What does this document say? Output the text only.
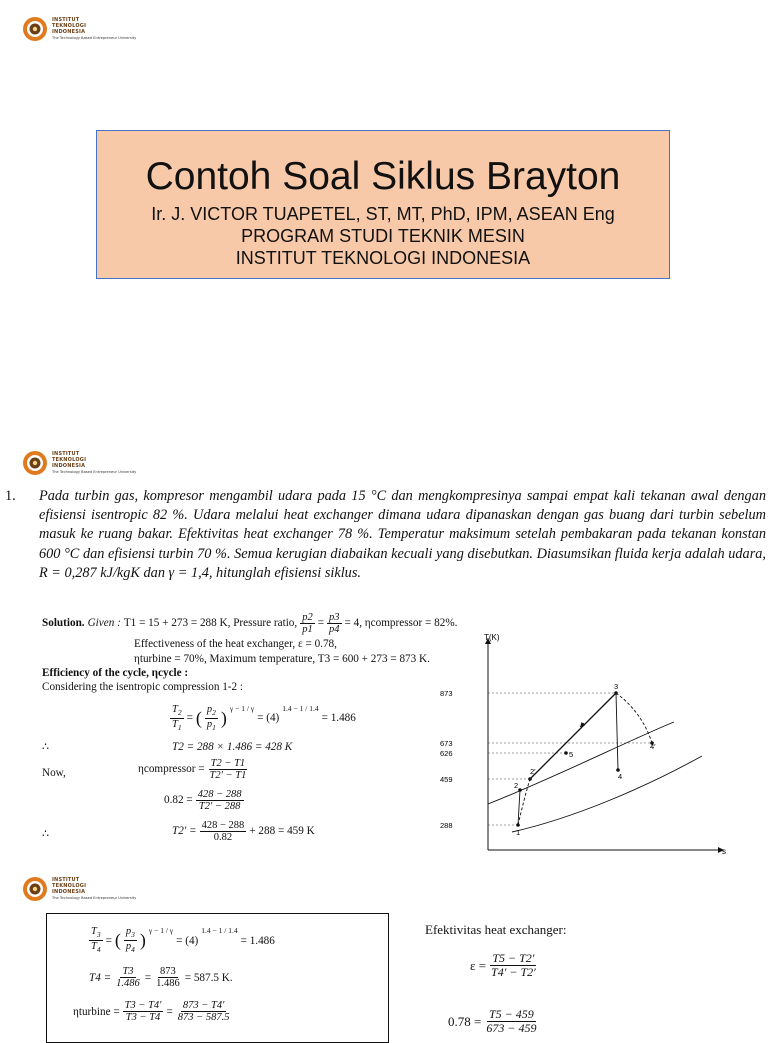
INSTITUT
TEKNOLOGI
INDONESIA
The Technology Based Entrepreneur University
Contoh Soal Siklus Brayton
Ir. J. VICTOR TUAPETEL, ST, MT, PhD, IPM, ASEAN Eng
PROGRAM STUDI TEKNIK MESIN
INSTITUT TEKNOLOGI INDONESIA
INSTITUT
TEKNOLOGI
INDONESIA
The Technology Based Entrepreneur University

1. Pada turbin gas, kompresor mengambil udara pada 15 °C dan mengkompresinya sampai empat kali tekanan awal dengan efisiensi isentropic 82 %. Udara melalui heat exchanger dimana udara dipanaskan dengan gas buang dari turbin sebelum masuk ke ruang bakar. Efektivitas heat exchanger 78 %. Temperatur maksimum setelah pembakaran pada tekanan konstan 600 °C dan efisiensi turbin 70 %. Semua kerugian diabaikan kecuali yang disebutkan. Diasumsikan fluida kerja adalah udara, R = 0,287 kJ/kgK dan γ = 1,4, hitunglah efisiensi siklus.

Solution. Given : T1 = 15 + 273 = 288 K, Pressure ratio, $\frac{p2}{p1} = \frac{p3}{p4} = 4$, ηcompressor = 82%.
Effectiveness of the heat exchanger, ε = 0.78,
ηturbine = 70%, Maximum temperature, T3 = 600 + 273 = 873 K.
Efficiency of the cycle, ηcycle :
Considering the isentropic compression 1-2 :
$\frac{T_2}{T_1}$ = ( $\frac{p_2}{p_1}$ ) γ − 1 / γ
= (4)
1.4 − 1 / 1.4
= 1.486
∴	T2 = 288 × 1.486 = 428 K
Now,	ηcompressor = $\frac{T2 - T1}{T2' - T1}$
$0.82 = \frac{428 - 288}{T2' - 288}$
∴	$T2' = \frac{428 - 288}{0.82} + 288 = 459$ K
T(K)
s
873
673
626
459
288
1
2
2′
3
4
4′
5
INSTITUT
TEKNOLOGI
INDONESIA
The Technology Based Entrepreneur University
$\frac{T_3}{T_4}$ = ( $\frac{p_3}{p_4}$ ) γ − 1 / γ
= (4)
1.4 − 1 / 1.4
= 1.486
$T4 = \frac{T3}{1.486} = \frac{873}{1.486} = 587.5$ K.
ηturbine = $\frac{T3 - T4'}{T3 - T4} = \frac{873 - T4'}{873 - 587.5}$
Efektivitas heat exchanger:
$\varepsilon = \frac{T5 - T2'}{T4' - T2'}$
$0.78 = \frac{T5 - 459}{673 - 459}$
